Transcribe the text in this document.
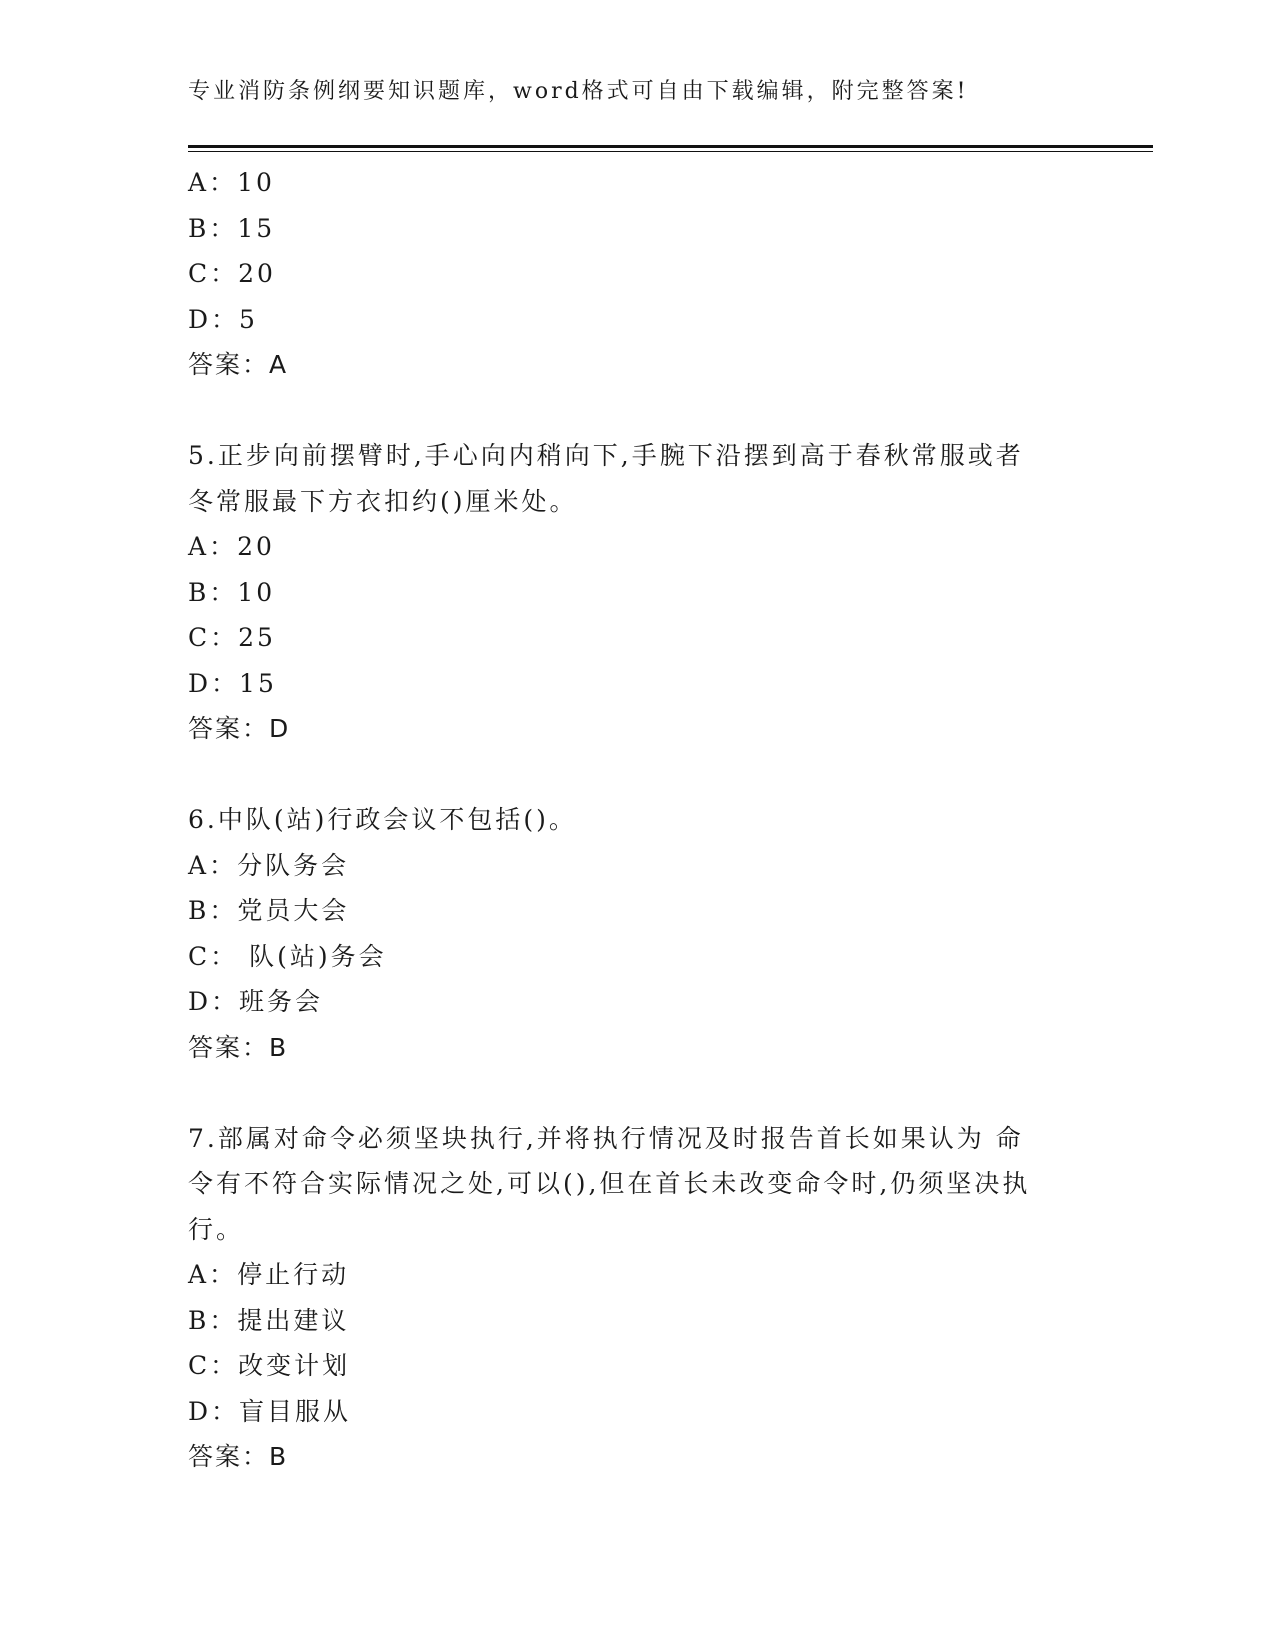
专业消防条例纲要知识题库，word格式可自由下载编辑，附完整答案!
A：10
B：15
C：20
D：5
答案：A
5.正步向前摆臂时,手心向内稍向下,手腕下沿摆到高于春秋常服或者
冬常服最下方衣扣约()厘米处。
A：20
B：10
C：25
D：15
答案：D
6.中队(站)行政会议不包括()。
A：分队务会
B：党员大会
C： 队(站)务会
D：班务会
答案：B
7.部属对命令必须坚块执行,并将执行情况及时报告首长如果认为 命
令有不符合实际情况之处,可以(),但在首长未改变命令时,仍须坚决执
行。
A：停止行动
B：提出建议
C：改变计划
D：盲目服从
答案：B
